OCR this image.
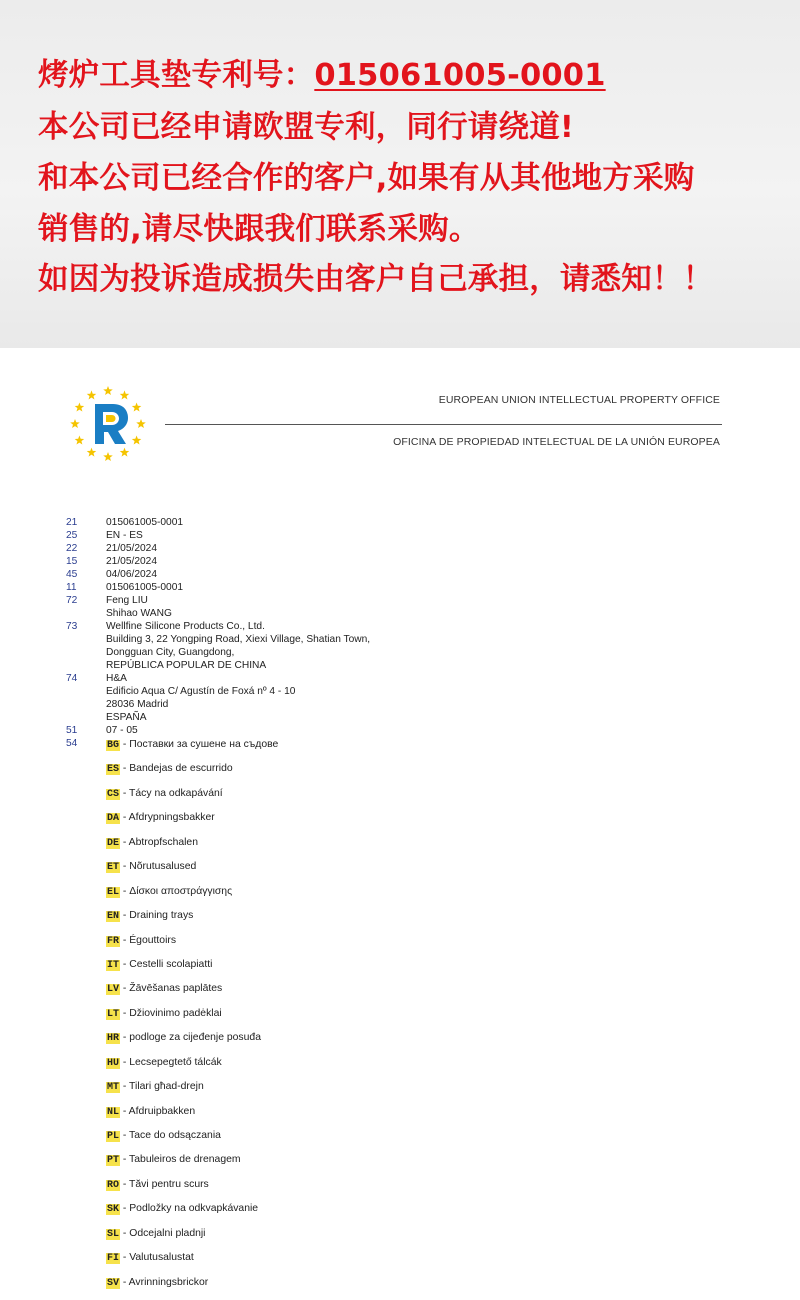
烤炉工具垫专利号：015061005-0001

本公司已经申请欧盟专利，同行请绕道!

和本公司已经合作的客户,如果有从其他地方采购

销售的,请尽快跟我们联系采购。

如因为投诉造成损失由客户自己承担，请悉知！！

EUROPEAN UNION INTELLECTUAL PROPERTY OFFICE
OFICINA DE PROPIEDAD INTELECTUAL DE LA UNIÓN EUROPEA
21	015061005-0001
25	EN - ES
22	21/05/2024
15	21/05/2024
45	04/06/2024
11	015061005-0001
72	Feng LIU
Shihao WANG
73	Wellfine Silicone Products Co., Ltd.
Building 3, 22 Yongping Road, Xiexi Village, Shatian Town,
Dongguan City, Guangdong,
REPÚBLICA POPULAR DE CHINA
74	H&A
Edificio Aqua C/ Agustín de Foxá nº 4 - 10
28036 Madrid
ESPAÑA
51	07 - 05
54	BG - Поставки за сушене на съдове
ES - Bandejas de escurrido
CS - Tácy na odkapávání
DA - Afdrypningsbakker
DE - Abtropfschalen
ET - Nõrutusalused
EL - Δίσκοι αποστράγγισης
EN - Draining trays
FR - Égouttoirs
IT - Cestelli scolapiatti
LV - Žāvēšanas paplātes
LT - Džiovinimo padėklai
HR - podloge za cijeđenje posuđa
HU - Lecsepegtető tálcák
MT - Tilari għad-drejn
NL - Afdruipbakken
PL - Tace do odsączania
PT - Tabuleiros de drenagem
RO - Tăvi pentru scurs
SK - Podložky na odkvapkávanie
SL - Odcejalni pladnji
FI - Valutusalustat
SV - Avrinningsbrickor
